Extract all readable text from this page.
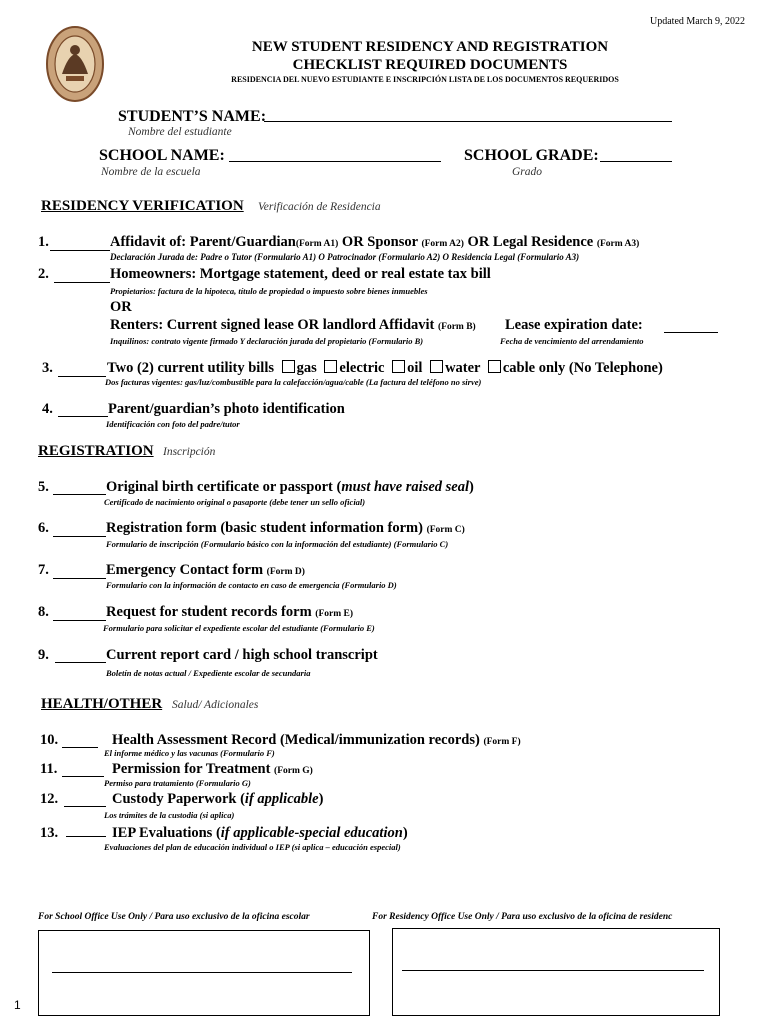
Updated March 9, 2022
NEW STUDENT RESIDENCY AND REGISTRATION
CHECKLIST REQUIRED DOCUMENTS
RESIDENCIA DEL NUEVO ESTUDIANTE E INSCRIPCIÓN LISTA DE LOS DOCUMENTOS REQUERIDOS
STUDENT’S NAME:
Nombre del estudiante
SCHOOL NAME:
Nombre de la escuela
SCHOOL GRADE:
Grado
RESIDENCY VERIFICATION Verificación de Residencia
1.	Affidavit of: Parent/Guardian(Form A1) OR Sponsor (Form A2) OR Legal Residence (Form A3)
Declaración Jurada de: Padre o Tutor (Formulario A1) O Patrocinador (Formulario A2) O Residencia Legal (Formulario A3)
2.	Homeowners: Mortgage statement, deed or real estate tax bill
Propietarios: factura de la hipoteca, título de propiedad o impuesto sobre bienes inmuebles
OR
Renters: Current signed lease OR landlord Affidavit (Form B) Lease expiration date:
Inquilinos: contrato vigente firmado Y declaración jurada del propietario (Formulario B)	Fecha de vencimiento del arrendamiento
3.	Two (2) current utility bills gas electric oil water cable only (No Telephone)
Dos facturas vigentes: gas/luz/combustible para la calefacción/agua/cable (La factura del teléfono no sirve)
4.	Parent/guardian’s photo identification
Identificación con foto del padre/tutor
REGISTRATION Inscripción
5.	Original birth certificate or passport (must have raised seal)
Certificado de nacimiento original o pasaporte (debe tener un sello oficial)
6.	Registration form (basic student information form) (Form C)
Formulario de inscripción (Formulario básico con la información del estudiante) (Formulario C)
7.	Emergency Contact form (Form D)
Formulario con la información de contacto en caso de emergencia (Formulario D)
8.	Request for student records form (Form E)
Formulario para solicitar el expediente escolar del estudiante (Formulario E)
9.	Current report card / high school transcript
Boletín de notas actual / Expediente escolar de secundaria
HEALTH/OTHER Salud/ Adicionales
10.	Health Assessment Record (Medical/immunization records) (Form F)
El informe médico y las vacunas (Formulario F)
11.	Permission for Treatment (Form G)
Permiso para tratamiento (Formulario G)
12.	Custody Paperwork (if applicable)
Los trámites de la custodia (si aplica)
13.	IEP Evaluations (if applicable-special education)
Evaluaciones del plan de educación individual o IEP (si aplica – educación especial)
For School Office Use Only / Para uso exclusivo de la oficina escolar	For Residency Office Use Only / Para uso exclusivo de la oficina de residenc
1
